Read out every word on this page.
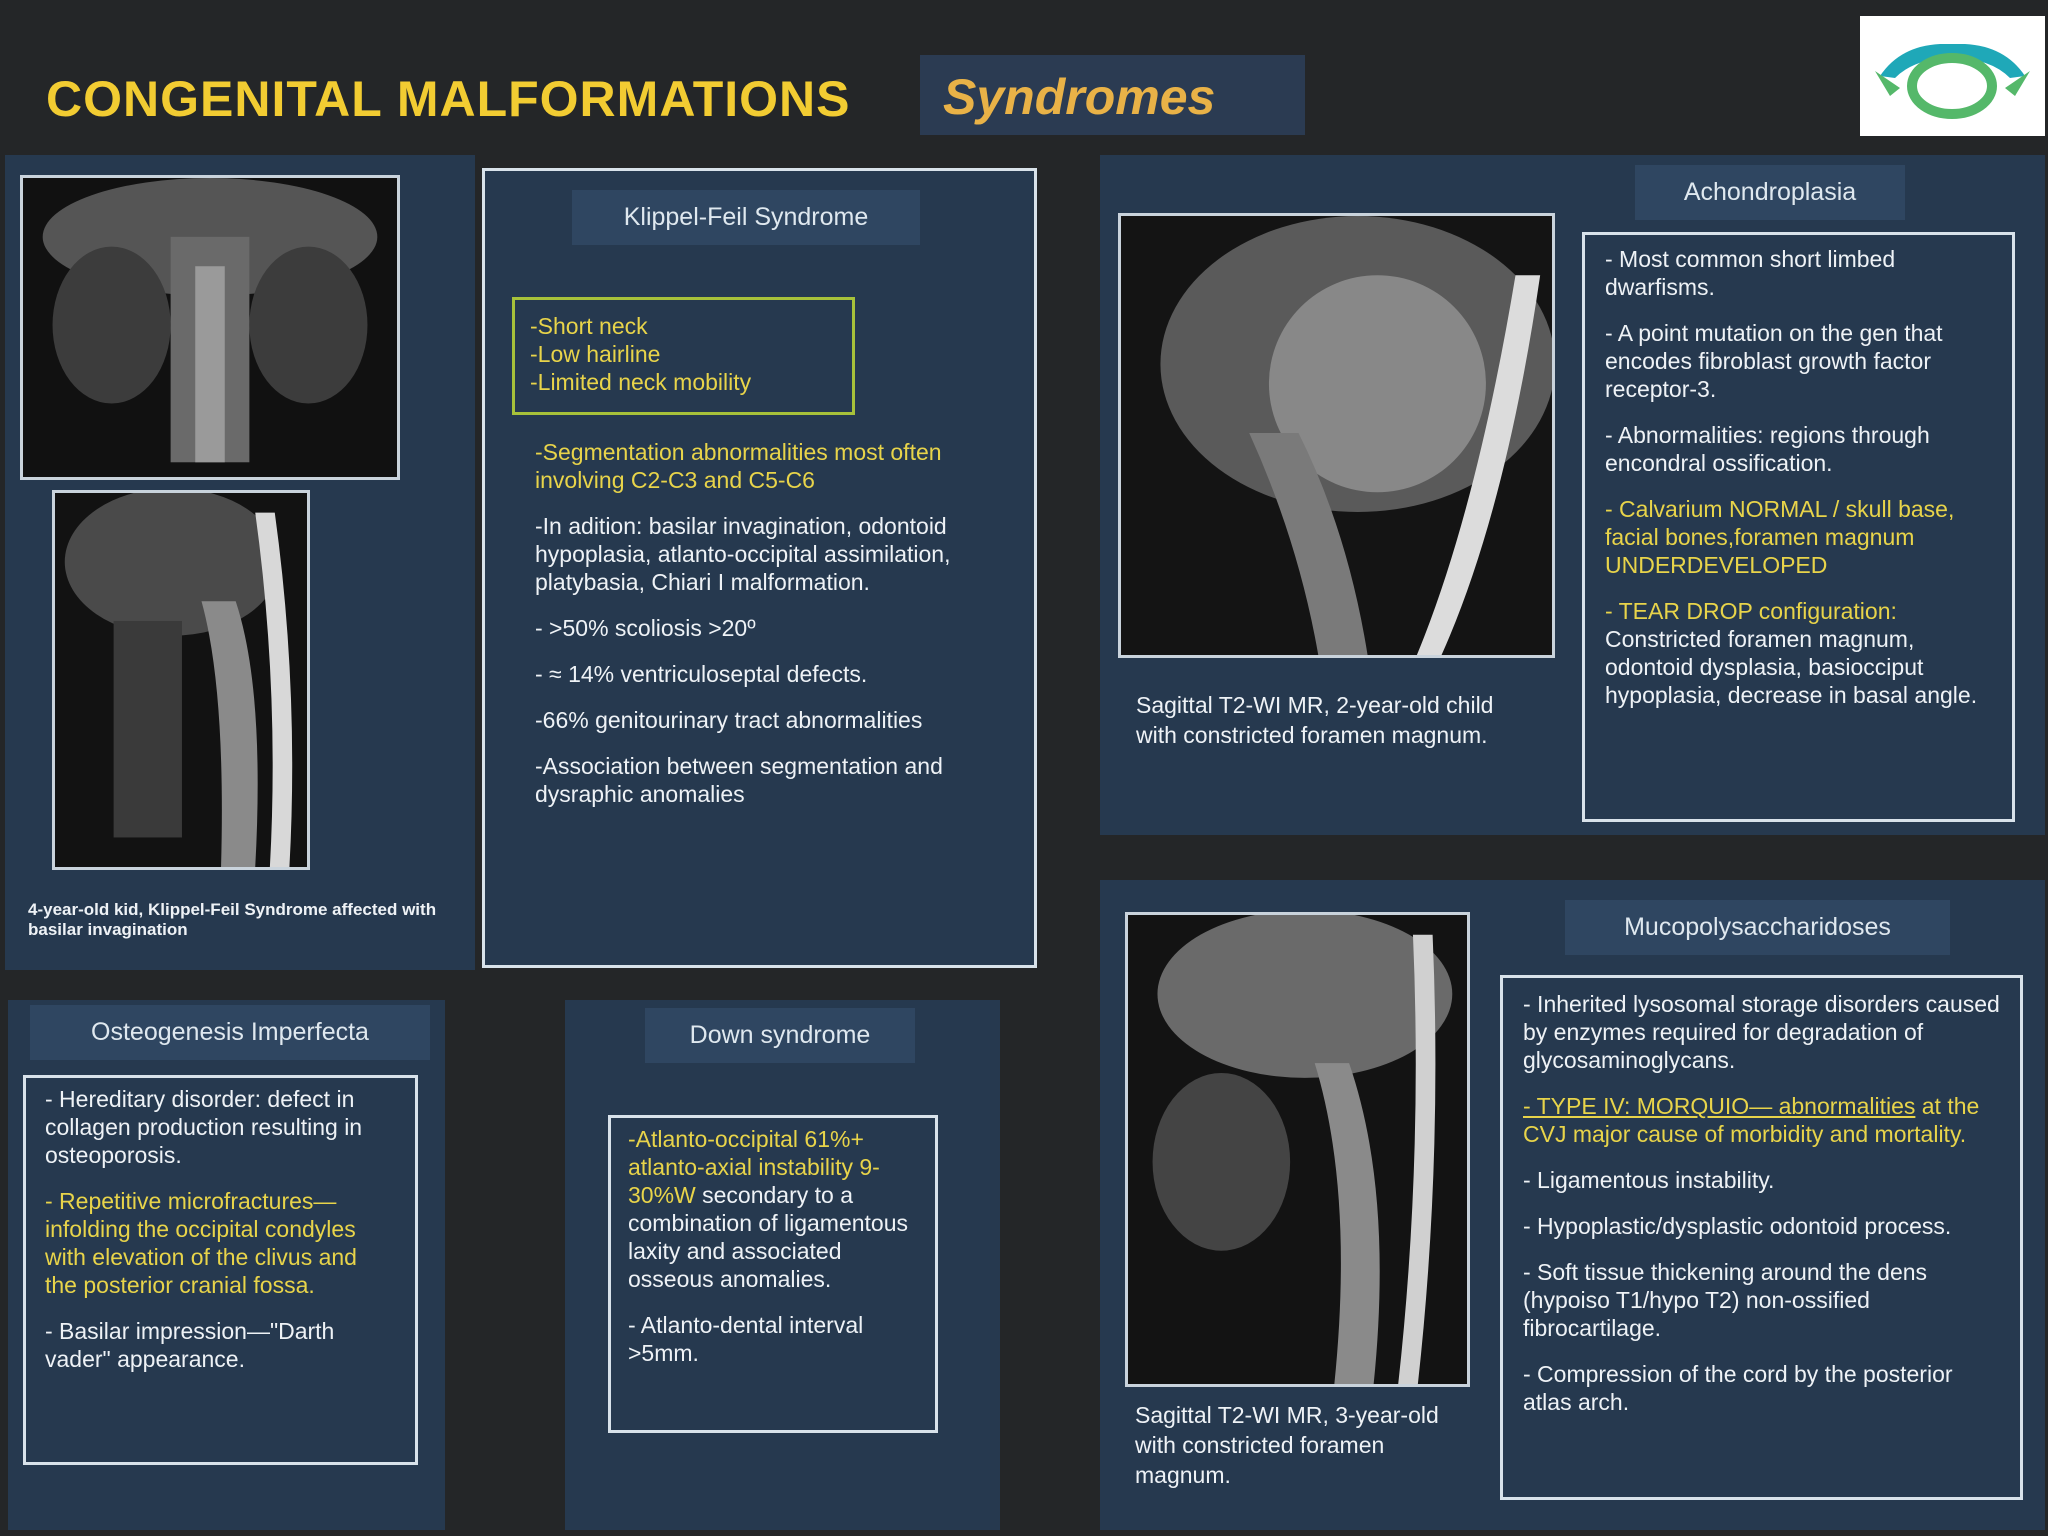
CONGENITAL MALFORMATIONS Syndromes
4-year-old kid, Klippel-Feil Syndrome affected with basilar invagination
Klippel-Feil Syndrome
-Short neck
-Low hairline
-Limited neck mobility

-Segmentation abnormalities most often involving C2-C3 and C5-C6

-In adition: basilar invagination, odontoid hypoplasia, atlanto-occipital assimilation, platybasia, Chiari I malformation.

- >50% scoliosis >20º

- ≈ 14% ventriculoseptal defects.

-66% genitourinary tract abnormalities

-Association between segmentation and dysraphic anomalies

Achondroplasia
Sagittal T2-WI MR, 2-year-old child with constricted foramen magnum.

- Most common short limbed dwarfisms.

- A point mutation on the gen that encodes fibroblast growth factor receptor-3.

- Abnormalities: regions through encondral ossification.

- Calvarium NORMAL / skull base, facial bones,foramen magnum UNDERDEVELOPED

- TEAR DROP configuration: Constricted foramen magnum, odontoid dysplasia, basiocciput hypoplasia, decrease in basal angle.

Osteogenesis Imperfecta

- Hereditary disorder: defect in collagen production resulting in osteoporosis.

- Repetitive microfractures—infolding the occipital condyles with elevation of the clivus and the posterior cranial fossa.

- Basilar impression—"Darth vader" appearance.

Down syndrome

-Atlanto-occipital 61%+ atlanto-axial instability 9-30%W secondary to a combination of ligamentous laxity and associated osseous anomalies.

- Atlanto-dental interval >5mm.

Mucopolysaccharidoses
Sagittal T2-WI MR, 3-year-old with constricted foramen magnum.

- Inherited lysosomal storage disorders caused by enzymes required for degradation of glycosaminoglycans.

- TYPE IV: MORQUIO— abnormalities at the CVJ major cause of morbidity and mortality.

- Ligamentous instability.

- Hypoplastic/dysplastic odontoid process.

- Soft tissue thickening around the dens (hypoiso T1/hypo T2) non-ossified fibrocartilage.

- Compression of the cord by the posterior atlas arch.
